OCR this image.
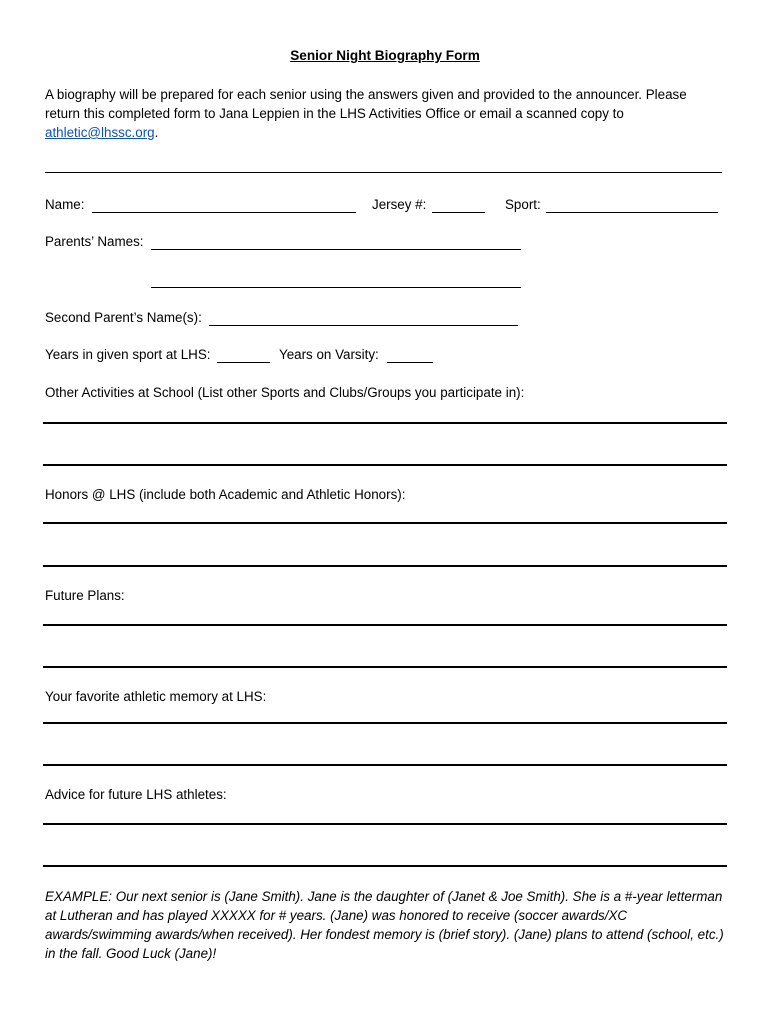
Senior Night Biography Form
A biography will be prepared for each senior using the answers given and provided to the announcer. Please return this completed form to Jana Leppien in the LHS Activities Office or email a scanned copy to athletic@lhssc.org.
Name:	Jersey #:	Sport:
Parents’ Names:
Second Parent’s Name(s):
Years in given sport at LHS:	Years on Varsity:
Other Activities at School (List other Sports and Clubs/Groups you participate in):
Honors @ LHS (include both Academic and Athletic Honors):
Future Plans:
Your favorite athletic memory at LHS:
Advice for future LHS athletes:
EXAMPLE: Our next senior is (Jane Smith). Jane is the daughter of (Janet & Joe Smith). She is a #-year letterman at Lutheran and has played XXXXX for # years. (Jane) was honored to receive (soccer awards/XC awards/swimming awards/when received). Her fondest memory is (brief story). (Jane) plans to attend (school, etc.) in the fall. Good Luck (Jane)!
